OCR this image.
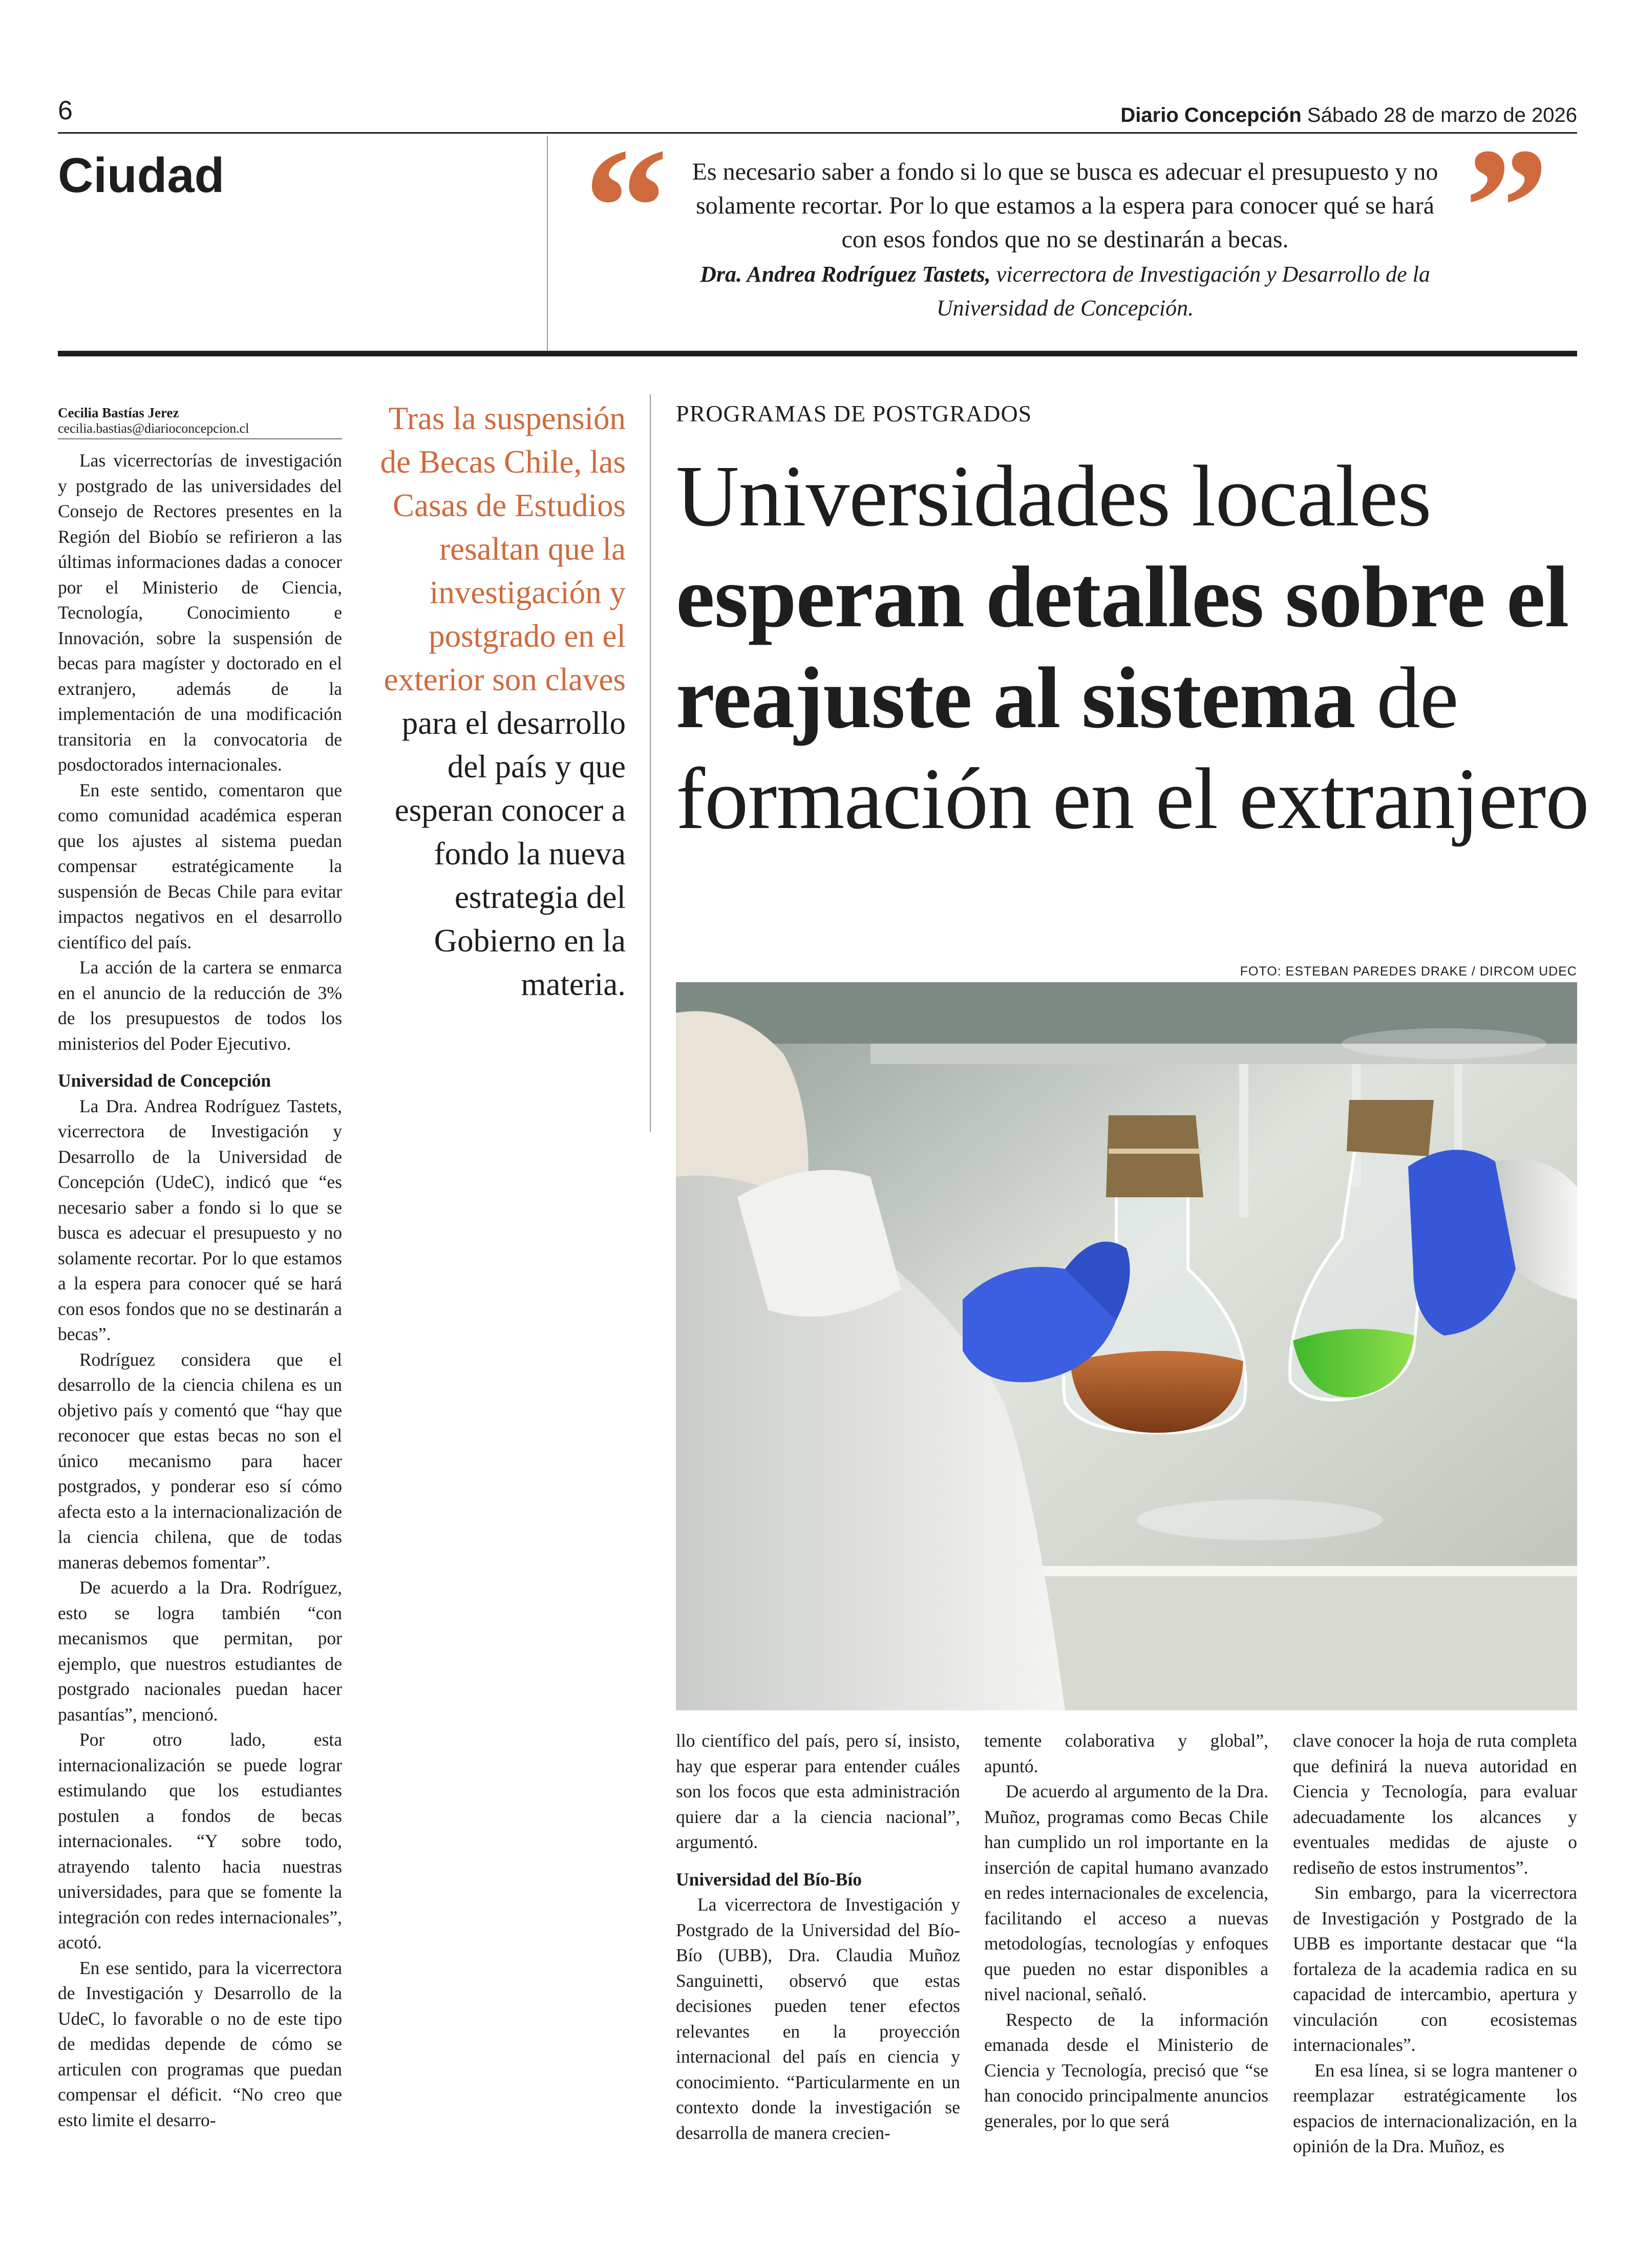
6	Diario Concepción Sábado 28 de marzo de 2026
Ciudad “	”
Es necesario saber a fondo si lo que se busca es adecuar el presupuesto y no solamente recortar. Por lo que estamos a la espera para conocer qué se hará con esos fondos que no se destinarán a becas.
Dra. Andrea Rodríguez Tastets, vicerrectora de Investigación y Desarrollo de la Universidad de Concepción.
Cecilia Bastías Jerez
cecilia.bastias@diarioconcepcion.cl

Las vicerrectorías de investigación y postgrado de las universidades del Consejo de Rectores presentes en la Región del Biobío se refirieron a las últimas informaciones dadas a conocer por el Ministerio de Ciencia, Tecnología, Conocimiento e Innovación, sobre la suspensión de becas para magíster y doctorado en el extranjero, además de la implementación de una modificación transitoria en la convocatoria de posdoctorados internacionales.

En este sentido, comentaron que como comunidad académica esperan que los ajustes al sistema puedan compensar estratégicamente la suspensión de Becas Chile para evitar impactos negativos en el desarrollo científico del país.

La acción de la cartera se enmarca en el anuncio de la reducción de 3% de los presupuestos de todos los ministerios del Poder Ejecutivo.

Universidad de Concepción

La Dra. Andrea Rodríguez Tastets, vicerrectora de Investigación y Desarrollo de la Universidad de Concepción (UdeC), indicó que “es necesario saber a fondo si lo que se busca es adecuar el presupuesto y no solamente recortar. Por lo que estamos a la espera para conocer qué se hará con esos fondos que no se destinarán a becas”.

Rodríguez considera que el desarrollo de la ciencia chilena es un objetivo país y comentó que “hay que reconocer que estas becas no son el único mecanismo para hacer postgrados, y ponderar eso sí cómo afecta esto a la internacionalización de la ciencia chilena, que de todas maneras debemos fomentar”.

De acuerdo a la Dra. Rodríguez, esto se logra también “con mecanismos que permitan, por ejemplo, que nuestros estudiantes de postgrado nacionales puedan hacer pasantías”, mencionó.

Por otro lado, esta internacionalización se puede lograr estimulando que los estudiantes postulen a fondos de becas internacionales. “Y sobre todo, atrayendo talento hacia nuestras universidades, para que se fomente la integración con redes internacionales”, acotó.

En ese sentido, para la vicerrectora de Investigación y Desarrollo de la UdeC, lo favorable o no de este tipo de medidas depende de cómo se articulen con programas que puedan compensar el déficit. “No creo que esto limite el desarro-

Tras la suspensión de Becas Chile, las Casas de Estudios resaltan que la investigación y postgrado en el exterior son claves para el desarrollo del país y que esperan conocer a fondo la nueva estrategia del Gobierno en la materia.
PROGRAMAS DE POSTGRADOS
Universidades locales esperan detalles sobre el reajuste al sistema de formación en el extranjero
FOTO: ESTEBAN PAREDES DRAKE / DIRCOM UDEC

llo científico del país, pero sí, insisto, hay que esperar para entender cuáles son los focos que esta administración quiere dar a la ciencia nacional”, argumentó.

Universidad del Bío-Bío

La vicerrectora de Investigación y Postgrado de la Universidad del Bío-Bío (UBB), Dra. Claudia Muñoz Sanguinetti, observó que estas decisiones pueden tener efectos relevantes en la proyección internacional del país en ciencia y conocimiento. “Particularmente en un contexto donde la investigación se desarrolla de manera crecien-

temente colaborativa y global”, apuntó.

De acuerdo al argumento de la Dra. Muñoz, programas como Becas Chile han cumplido un rol importante en la inserción de capital humano avanzado en redes internacionales de excelencia, facilitando el acceso a nuevas metodologías, tecnologías y enfoques que pueden no estar disponibles a nivel nacional, señaló.

Respecto de la información emanada desde el Ministerio de Ciencia y Tecnología, precisó que “se han conocido principalmente anuncios generales, por lo que será

clave conocer la hoja de ruta completa que definirá la nueva autoridad en Ciencia y Tecnología, para evaluar adecuadamente los alcances y eventuales medidas de ajuste o rediseño de estos instrumentos”.

Sin embargo, para la vicerrectora de Investigación y Postgrado de la UBB es importante destacar que “la fortaleza de la academia radica en su capacidad de intercambio, apertura y vinculación con ecosistemas internacionales”.

En esa línea, si se logra mantener o reemplazar estratégicamente los espacios de internacionalización, en la opinión de la Dra. Muñoz, es
